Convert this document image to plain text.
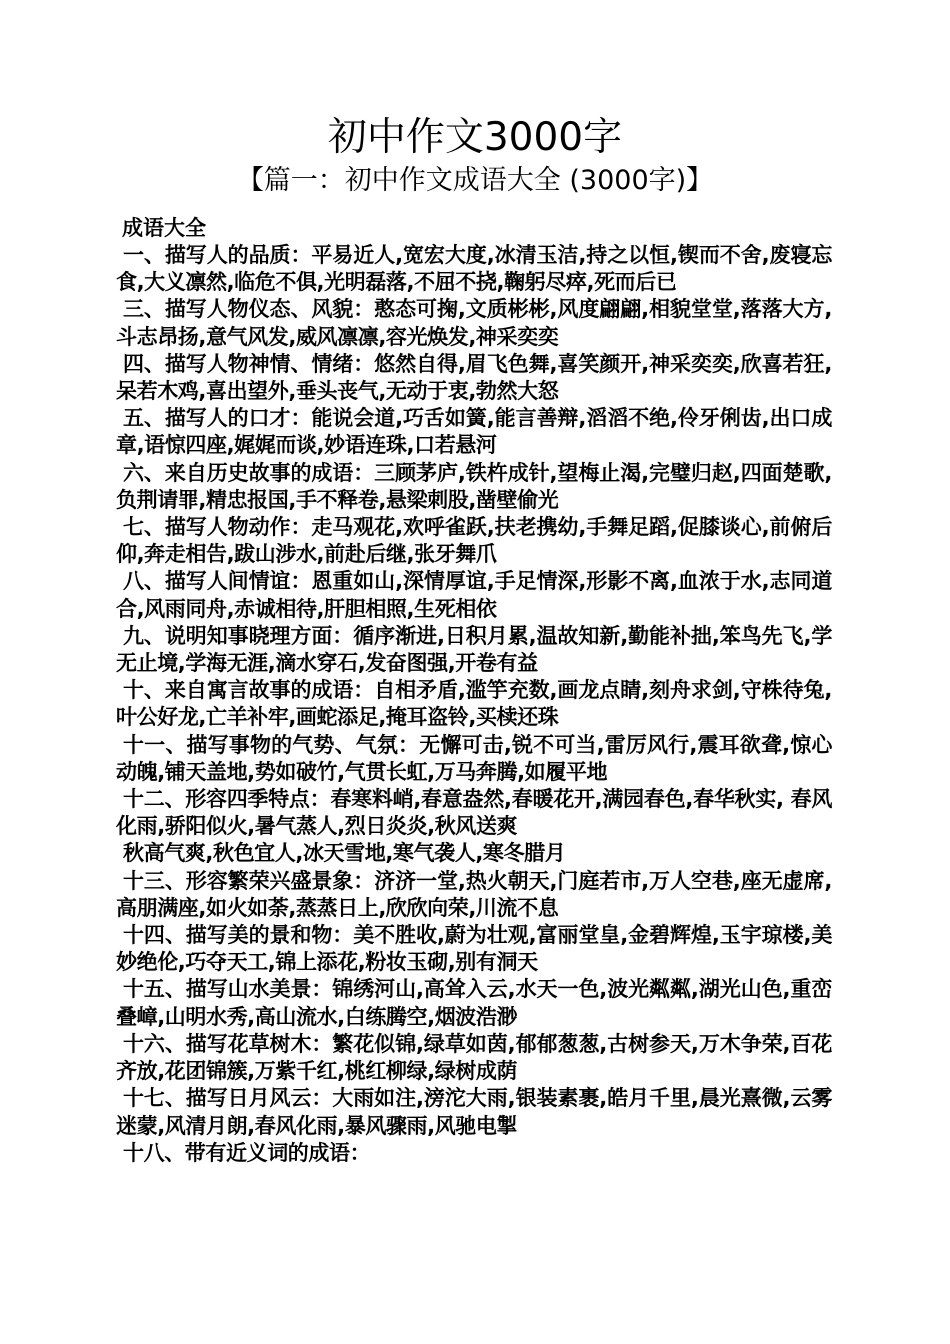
初中作文3000字

【篇一：初中作文成语大全 (3000字)】

成语大全

一、描写人的品质：平易近人,宽宏大度,冰清玉洁,持之以恒,锲而不舍,废寝忘食,大义凛然,临危不俱,光明磊落,不屈不挠,鞠躬尽瘁,死而后已
三、描写人物仪态、风貌：憨态可掬,文质彬彬,风度翩翩,相貌堂堂,落落大方,斗志昂扬,意气风发,威风凛凛,容光焕发,神采奕奕
四、描写人物神情、情绪：悠然自得,眉飞色舞,喜笑颜开,神采奕奕,欣喜若狂,呆若木鸡,喜出望外,垂头丧气,无动于衷,勃然大怒
五、描写人的口才：能说会道,巧舌如簧,能言善辩,滔滔不绝,伶牙俐齿,出口成章,语惊四座,娓娓而谈,妙语连珠,口若悬河
六、来自历史故事的成语：三顾茅庐,铁杵成针,望梅止渴,完璧归赵,四面楚歌,负荆请罪,精忠报国,手不释卷,悬梁刺股,凿壁偷光
七、描写人物动作：走马观花,欢呼雀跃,扶老携幼,手舞足蹈,促膝谈心,前俯后仰,奔走相告,跋山涉水,前赴后继,张牙舞爪
八、描写人间情谊：恩重如山,深情厚谊,手足情深,形影不离,血浓于水,志同道合,风雨同舟,赤诚相待,肝胆相照,生死相依
九、说明知事晓理方面：循序渐进,日积月累,温故知新,勤能补拙,笨鸟先飞,学无止境,学海无涯,滴水穿石,发奋图强,开卷有益
十、来自寓言故事的成语：自相矛盾,滥竽充数,画龙点睛,刻舟求剑,守株待兔,叶公好龙,亡羊补牢,画蛇添足,掩耳盗铃,买椟还珠
十一、描写事物的气势、气氛：无懈可击,锐不可当,雷厉风行,震耳欲聋,惊心动魄,铺天盖地,势如破竹,气贯长虹,万马奔腾,如履平地
十二、形容四季特点：春寒料峭,春意盎然,春暖花开,满园春色,春华秋实, 春风化雨,骄阳似火,暑气蒸人,烈日炎炎,秋风送爽
秋高气爽,秋色宜人,冰天雪地,寒气袭人,寒冬腊月
十三、形容繁荣兴盛景象：济济一堂,热火朝天,门庭若市,万人空巷,座无虚席,高朋满座,如火如荼,蒸蒸日上,欣欣向荣,川流不息
十四、描写美的景和物：美不胜收,蔚为壮观,富丽堂皇,金碧辉煌,玉宇琼楼,美妙绝伦,巧夺天工,锦上添花,粉妆玉砌,别有洞天
十五、描写山水美景：锦绣河山,高耸入云,水天一色,波光粼粼,湖光山色,重峦叠嶂,山明水秀,高山流水,白练腾空,烟波浩渺
十六、描写花草树木：繁花似锦,绿草如茵,郁郁葱葱,古树参天,万木争荣,百花齐放,花团锦簇,万紫千红,桃红柳绿,绿树成荫
十七、描写日月风云：大雨如注,滂沱大雨,银装素裹,皓月千里,晨光熹微,云雾迷蒙,风清月朗,春风化雨,暴风骤雨,风驰电掣
十八、带有近义词的成语：
